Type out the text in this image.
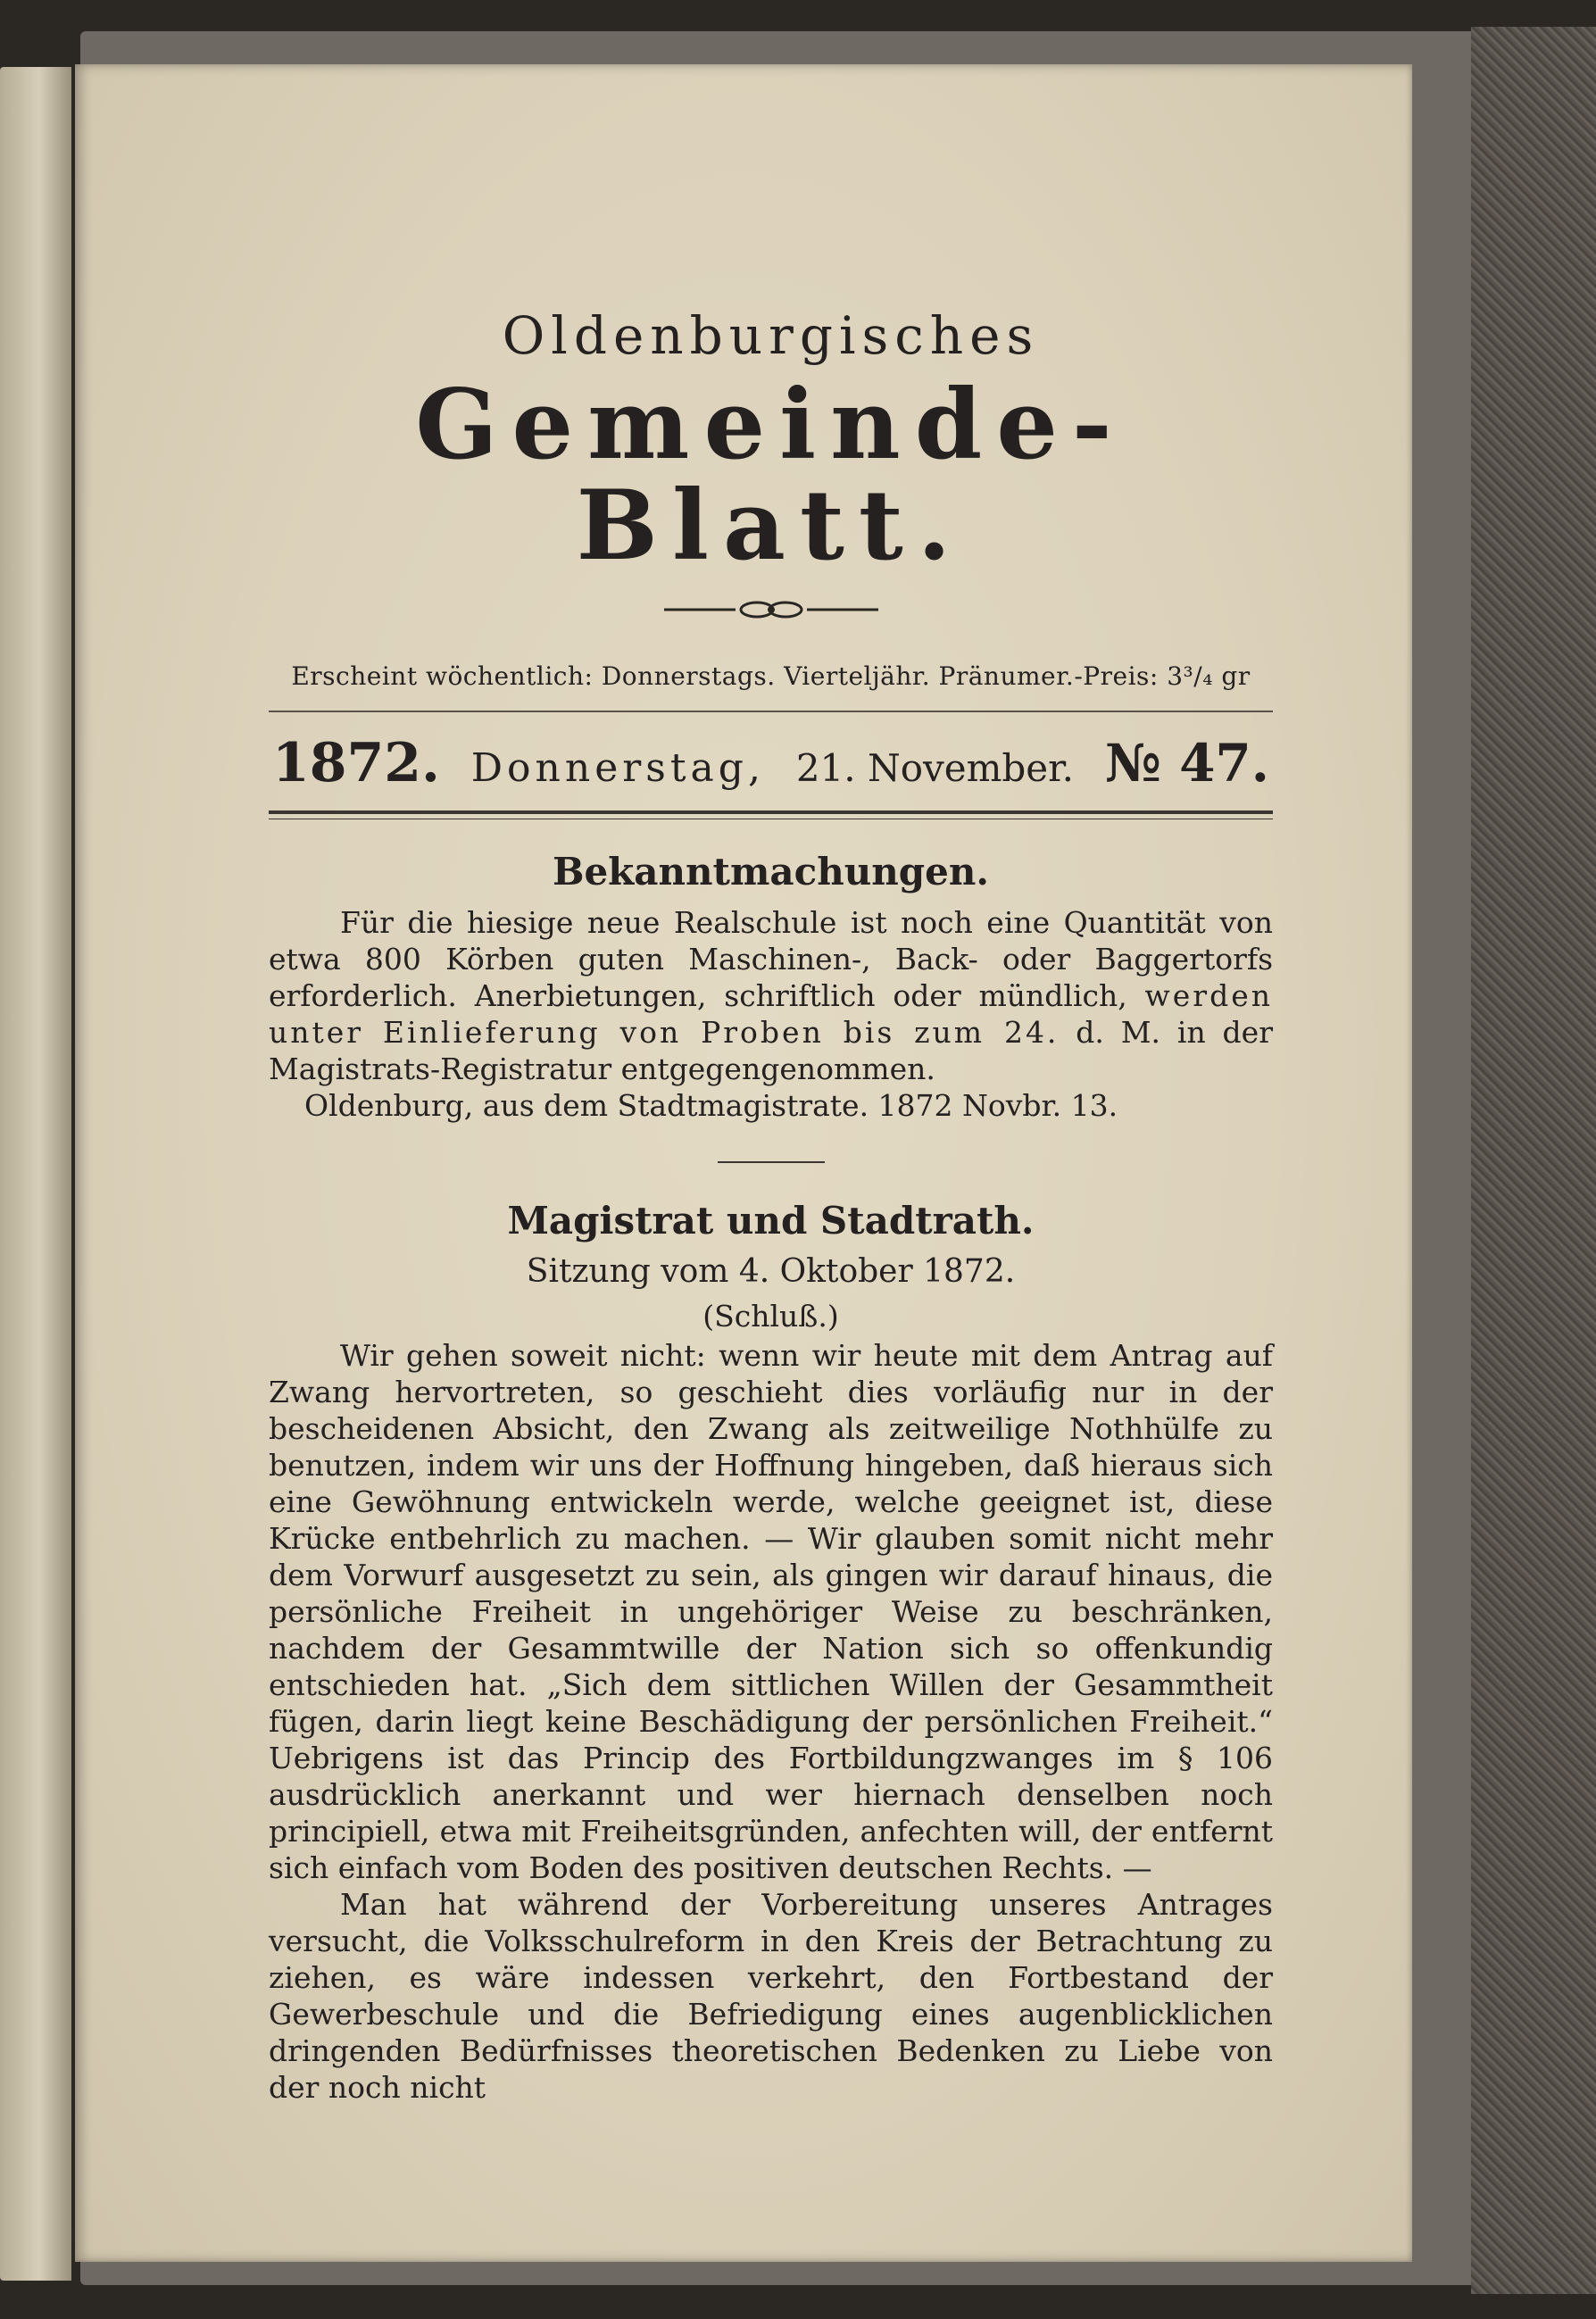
Oldenburgisches
Gemeinde-Blatt.
Erscheint wöchentlich: Donnerstags. Vierteljähr. Pränumer.-Preis: 3³/₄ gr
1872. Donnerstag, 21. November. № 47.
Bekanntmachungen.

Für die hiesige neue Realschule ist noch eine Quantität von etwa 800 Körben guten Maschinen-, Back- oder Baggertorfs erforderlich. Anerbietungen, schriftlich oder mündlich, werden unter Einlieferung von Proben bis zum 24. d. M. in der Magistrats-Registratur entgegengenommen.

Oldenburg, aus dem Stadtmagistrate. 1872 Novbr. 13.

Magistrat und Stadtrath.
Sitzung vom 4. Oktober 1872.
(Schluß.)

Wir gehen soweit nicht: wenn wir heute mit dem Antrag auf Zwang hervortreten, so geschieht dies vorläufig nur in der bescheidenen Absicht, den Zwang als zeitweilige Nothhülfe zu benutzen, indem wir uns der Hoffnung hingeben, daß hieraus sich eine Gewöhnung entwickeln werde, welche geeignet ist, diese Krücke entbehrlich zu machen. — Wir glauben somit nicht mehr dem Vorwurf ausgesetzt zu sein, als gingen wir darauf hinaus, die persönliche Freiheit in ungehöriger Weise zu beschränken, nachdem der Gesammtwille der Nation sich so offenkundig entschieden hat. „Sich dem sittlichen Willen der Gesammtheit fügen, darin liegt keine Beschädigung der persönlichen Freiheit.“ Uebrigens ist das Princip des Fortbildungzwanges im § 106 ausdrücklich anerkannt und wer hiernach denselben noch principiell, etwa mit Freiheitsgründen, anfechten will, der entfernt sich einfach vom Boden des positiven deutschen Rechts. —

Man hat während der Vorbereitung unseres Antrages versucht, die Volksschulreform in den Kreis der Betrachtung zu ziehen, es wäre indessen verkehrt, den Fortbestand der Gewerbeschule und die Befriedigung eines augenblicklichen dringenden Bedürfnisses theoretischen Bedenken zu Liebe von der noch nicht
